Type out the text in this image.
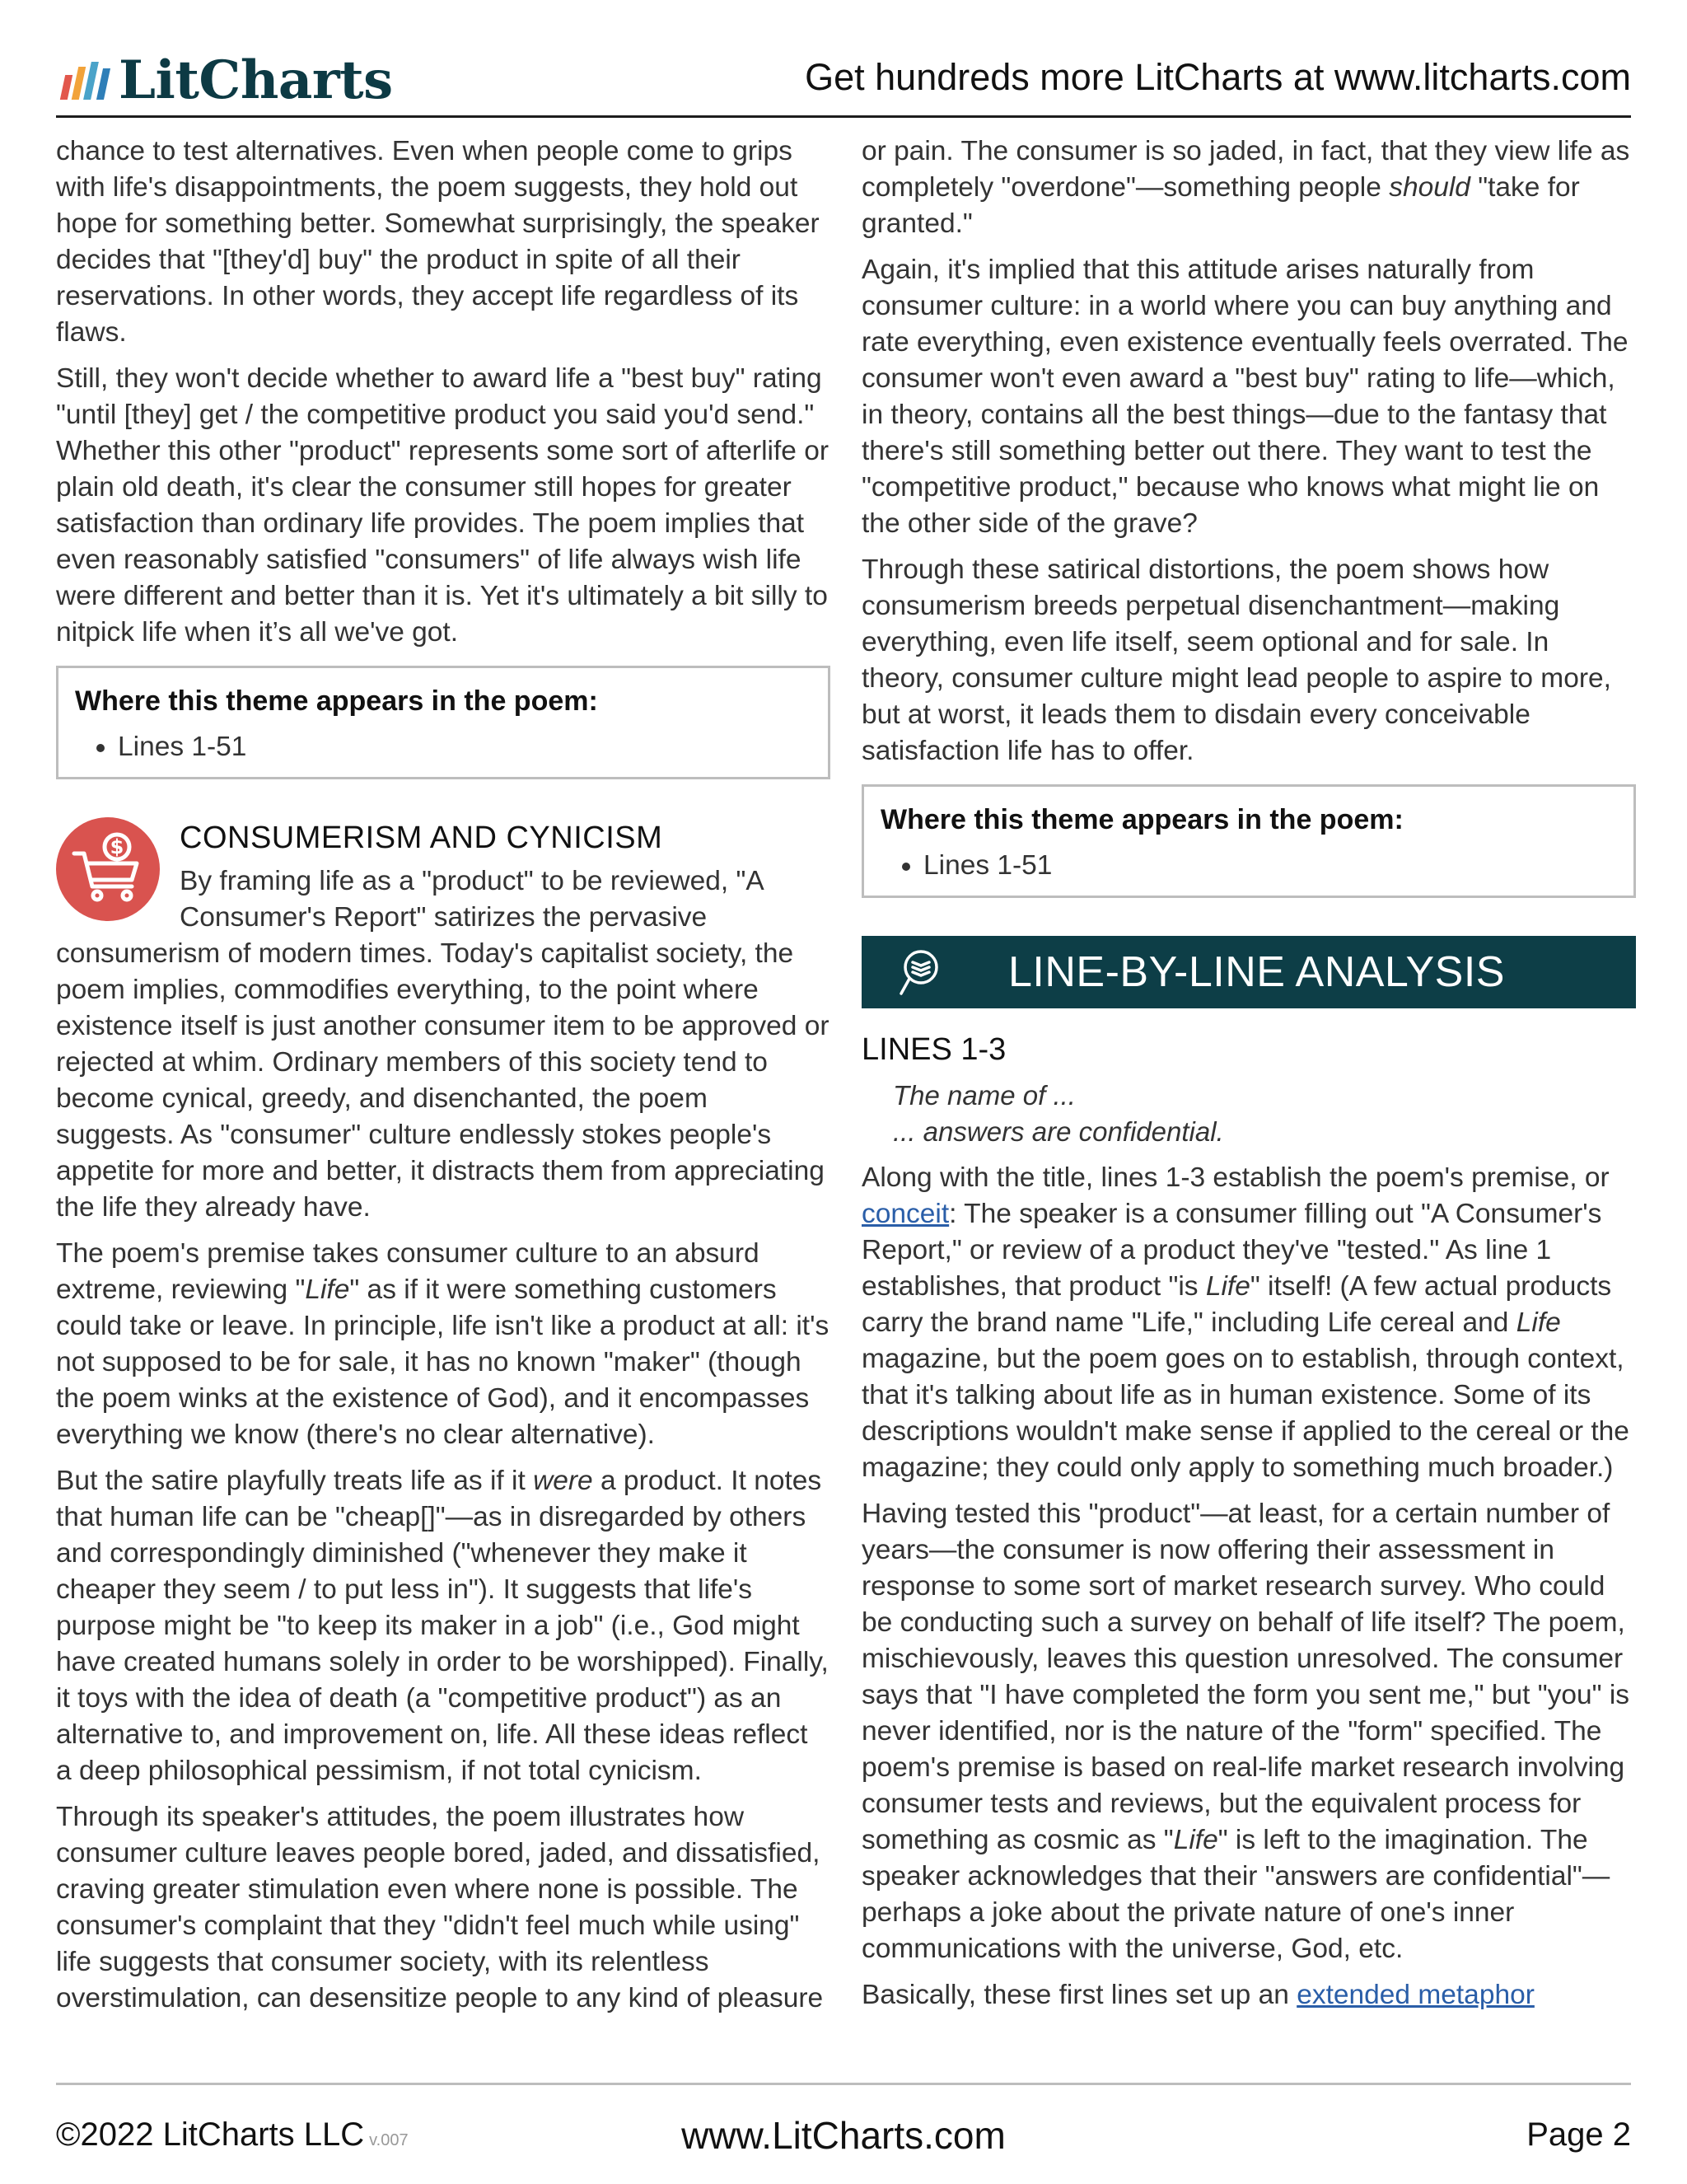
LitCharts	Get hundreds more LitCharts at www.litcharts.com

chance to test alternatives. Even when people come to grips with life's disappointments, the poem suggests, they hold out hope for something better. Somewhat surprisingly, the speaker decides that "[they'd] buy" the product in spite of all their reservations. In other words, they accept life regardless of its flaws.

Still, they won't decide whether to award life a "best buy" rating "until [they] get / the competitive product you said you'd send." Whether this other "product" represents some sort of afterlife or plain old death, it's clear the consumer still hopes for greater satisfaction than ordinary life provides. The poem implies that even reasonably satisfied "consumers" of life always wish life were different and better than it is. Yet it's ultimately a bit silly to nitpick life when it’s all we've got.

Where this theme appears in the poem:
• Lines 1-51
$	CONSUMERISM AND CYNICISM

By framing life as a "product" to be reviewed, "A Consumer's Report" satirizes the pervasive consumerism of modern times. Today's capitalist society, the poem implies, commodifies everything, to the point where existence itself is just another consumer item to be approved or rejected at whim. Ordinary members of this society tend to become cynical, greedy, and disenchanted, the poem suggests. As "consumer" culture endlessly stokes people's appetite for more and better, it distracts them from appreciating the life they already have.

The poem's premise takes consumer culture to an absurd extreme, reviewing "Life" as if it were something customers could take or leave. In principle, life isn't like a product at all: it's not supposed to be for sale, it has no known "maker" (though the poem winks at the existence of God), and it encompasses everything we know (there's no clear alternative).

But the satire playfully treats life as if it were a product. It notes that human life can be "cheap[]"—as in disregarded by others and correspondingly diminished ("whenever they make it cheaper they seem / to put less in"). It suggests that life's purpose might be "to keep its maker in a job" (i.e., God might have created humans solely in order to be worshipped). Finally, it toys with the idea of death (a "competitive product") as an alternative to, and improvement on, life. All these ideas reflect a deep philosophical pessimism, if not total cynicism.

Through its speaker's attitudes, the poem illustrates how consumer culture leaves people bored, jaded, and dissatisfied, craving greater stimulation even where none is possible. The consumer's complaint that they "didn't feel much while using" life suggests that consumer society, with its relentless overstimulation, can desensitize people to any kind of pleasure

or pain. The consumer is so jaded, in fact, that they view life as completely "overdone"—something people should "take for granted."

Again, it's implied that this attitude arises naturally from consumer culture: in a world where you can buy anything and rate everything, even existence eventually feels overrated. The consumer won't even award a "best buy" rating to life—which, in theory, contains all the best things—due to the fantasy that there's still something better out there. They want to test the "competitive product," because who knows what might lie on the other side of the grave?

Through these satirical distortions, the poem shows how consumerism breeds perpetual disenchantment—making everything, even life itself, seem optional and for sale. In theory, consumer culture might lead people to aspire to more, but at worst, it leads them to disdain every conceivable satisfaction life has to offer.

Where this theme appears in the poem:
• Lines 1-51
LINE-BY-LINE ANALYSIS
LINES 1-3
The name of ...
... answers are confidential.

Along with the title, lines 1-3 establish the poem's premise, or conceit: The speaker is a consumer filling out "A Consumer's Report," or review of a product they've "tested." As line 1 establishes, that product "is Life" itself! (A few actual products carry the brand name "Life," including Life cereal and Life magazine, but the poem goes on to establish, through context, that it's talking about life as in human existence. Some of its descriptions wouldn't make sense if applied to the cereal or the magazine; they could only apply to something much broader.)

Having tested this "product"—at least, for a certain number of years—the consumer is now offering their assessment in response to some sort of market research survey. Who could be conducting such a survey on behalf of life itself? The poem, mischievously, leaves this question unresolved. The consumer says that "I have completed the form you sent me," but "you" is never identified, nor is the nature of the "form" specified. The poem's premise is based on real-life market research involving consumer tests and reviews, but the equivalent process for something as cosmic as "Life" is left to the imagination. The speaker acknowledges that their "answers are confidential"—perhaps a joke about the private nature of one's inner communications with the universe, God, etc.

Basically, these first lines set up an extended metaphor

©2022 LitCharts LLC v.007	www.LitCharts.com	Page 2
